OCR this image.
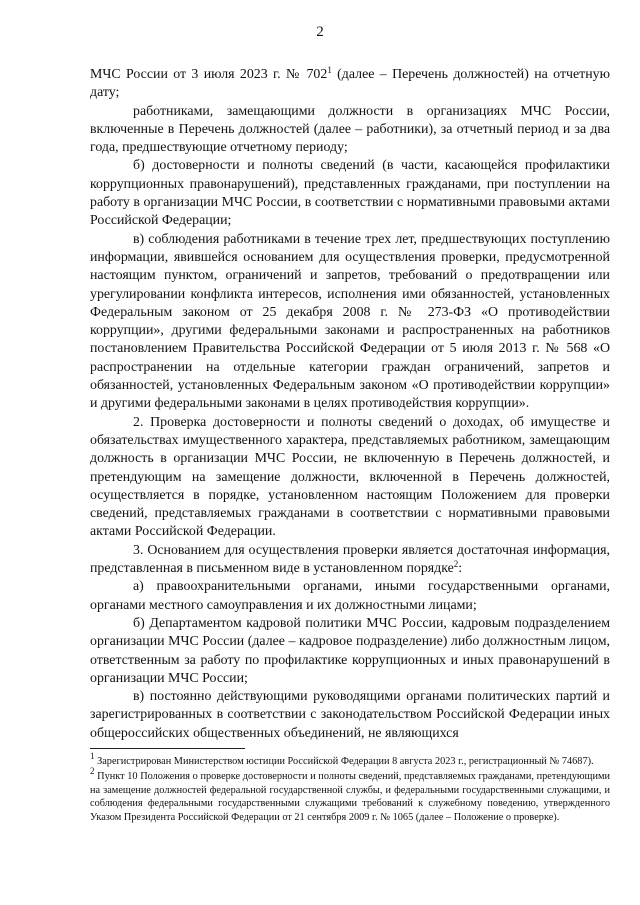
2

МЧС России от 3 июля 2023 г. № $702^1$ (далее – Перечень должностей) на отчетную дату;

работниками, замещающими должности в организациях МЧС России, включенные в Перечень должностей (далее – работники), за отчетный период и за два года, предшествующие отчетному периоду;

б) достоверности и полноты сведений (в части, касающейся профилактики коррупционных правонарушений), представленных гражданами, при поступлении на работу в организации МЧС России, в соответствии с нормативными правовыми актами Российской Федерации;

в) соблюдения работниками в течение трех лет, предшествующих поступлению информации, явившейся основанием для осуществления проверки, предусмотренной настоящим пунктом, ограничений и запретов, требований о предотвращении или урегулировании конфликта интересов, исполнения ими обязанностей, установленных Федеральным законом от 25 декабря 2008 г. № 273-ФЗ «О противодействии коррупции», другими федеральными законами и распространенных на работников постановлением Правительства Российской Федерации от 5 июля 2013 г. № 568 «О распространении на отдельные категории граждан ограничений, запретов и обязанностей, установленных Федеральным законом «О противодействии коррупции» и другими федеральными законами в целях противодействия коррупции».

2. Проверка достоверности и полноты сведений о доходах, об имуществе и обязательствах имущественного характера, представляемых работником, замещающим должность в организации МЧС России, не включенную в Перечень должностей, и претендующим на замещение должности, включенной в Перечень должностей, осуществляется в порядке, установленном настоящим Положением для проверки сведений, представляемых гражданами в соответствии с нормативными правовыми актами Российской Федерации.

3. Основанием для осуществления проверки является достаточная информация, представленная в письменном виде в установленном порядке$^2$:

а) правоохранительными органами, иными государственными органами, органами местного самоуправления и их должностными лицами;

б) Департаментом кадровой политики МЧС России, кадровым подразделением организации МЧС России (далее – кадровое подразделение) либо должностным лицом, ответственным за работу по профилактике коррупционных и иных правонарушений в организации МЧС России;

в) постоянно действующими руководящими органами политических партий и зарегистрированных в соответствии с законодательством Российской Федерации иных общероссийских общественных объединений, не являющихся

$^1$ Зарегистрирован Министерством юстиции Российской Федерации 8 августа 2023 г., регистрационный № 74687).

$^2$ Пункт 10 Положения о проверке достоверности и полноты сведений, представляемых гражданами, претендующими на замещение должностей федеральной государственной службы, и федеральными государственными служащими, и соблюдения федеральными государственными служащими требований к служебному поведению, утвержденного Указом Президента Российской Федерации от 21 сентября 2009 г. № 1065 (далее – Положение о проверке).
